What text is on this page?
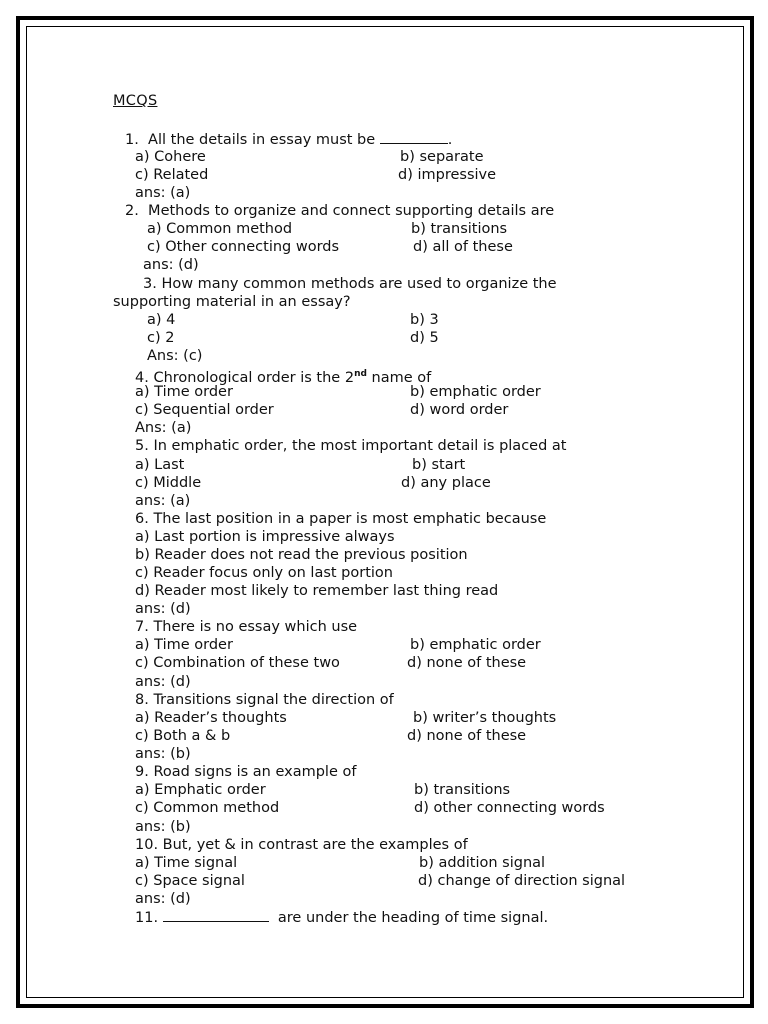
MCQS
1.  All the details in essay must be	.
a) Cohere	b) separate
c) Related	d) impressive
ans: (a)
2.  Methods to organize and connect supporting details are
a) Common method	b) transitions
c) Other connecting words	d) all of these
ans: (d)
3. How many common methods are used to organize the
supporting material in an essay?
a) 4	b) 3
c) 2	d) 5
Ans: (c)
4. Chronological order is the 2nd name of
a) Time order	b) emphatic order
c) Sequential order	d) word order
Ans: (a)
5. In emphatic order, the most important detail is placed at
a) Last	b) start
c) Middle	d) any place
ans: (a)
6. The last position in a paper is most emphatic because
a) Last portion is impressive always
b) Reader does not read the previous position
c) Reader focus only on last portion
d) Reader most likely to remember last thing read
ans: (d)
7. There is no essay which use
a) Time order	b) emphatic order
c) Combination of these two	d) none of these
ans: (d)
8. Transitions signal the direction of
a) Reader’s thoughts	b) writer’s thoughts
c) Both a & b	d) none of these
ans: (b)
9. Road signs is an example of
a) Emphatic order	b) transitions
c) Common method	d) other connecting words
ans: (b)
10. But, yet & in contrast are the examples of
a) Time signal	b) addition signal
c) Space signal	d) change of direction signal
ans: (d)
11.	are under the heading of time signal.
